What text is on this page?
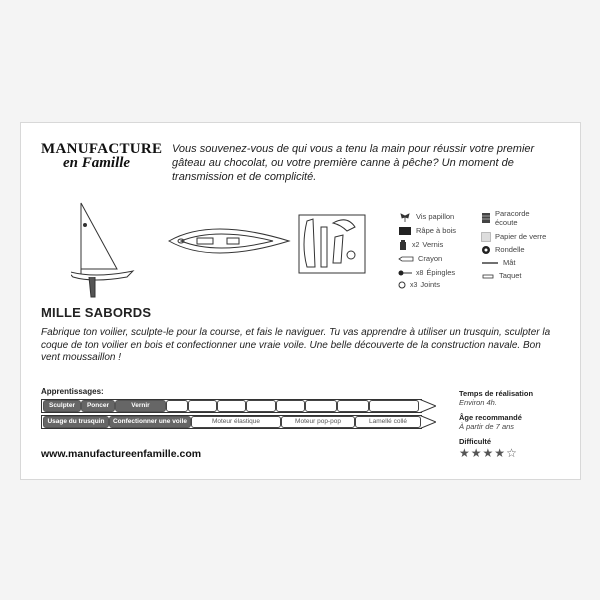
MANUFACTURE
en Famille
Vous souvenez-vous de qui vous a tenu la main pour réussir votre premier gâteau au chocolat, ou votre première canne à pêche? Un moment de transmission et de complicité.
Vis papillon
Râpe à bois
x2 Vernis
Crayon
x8 Épingles
x3 Joints
Paracorde écoute
Papier de verre
Rondelle
Mât
Taquet
MILLE SABORDS
Fabrique ton voilier, sculpte-le pour la course, et fais le naviguer. Tu vas apprendre à utiliser un trusquin, sculpter la coque de ton voilier en bois et confectionner une vraie voile. Une belle découverte de la construction navale. Bon vent moussaillon !
Apprentissages:
Sculpter	Poncer	Vernir
Usage du trusquin	Confectionner une voile	Moteur élastique	Moteur pop-pop	Lamellé collé
Temps de réalisation
Environ 4h.
Âge recommandé
À partir de 7 ans
Difficulté
★★★★☆
www.manufactureenfamille.com
